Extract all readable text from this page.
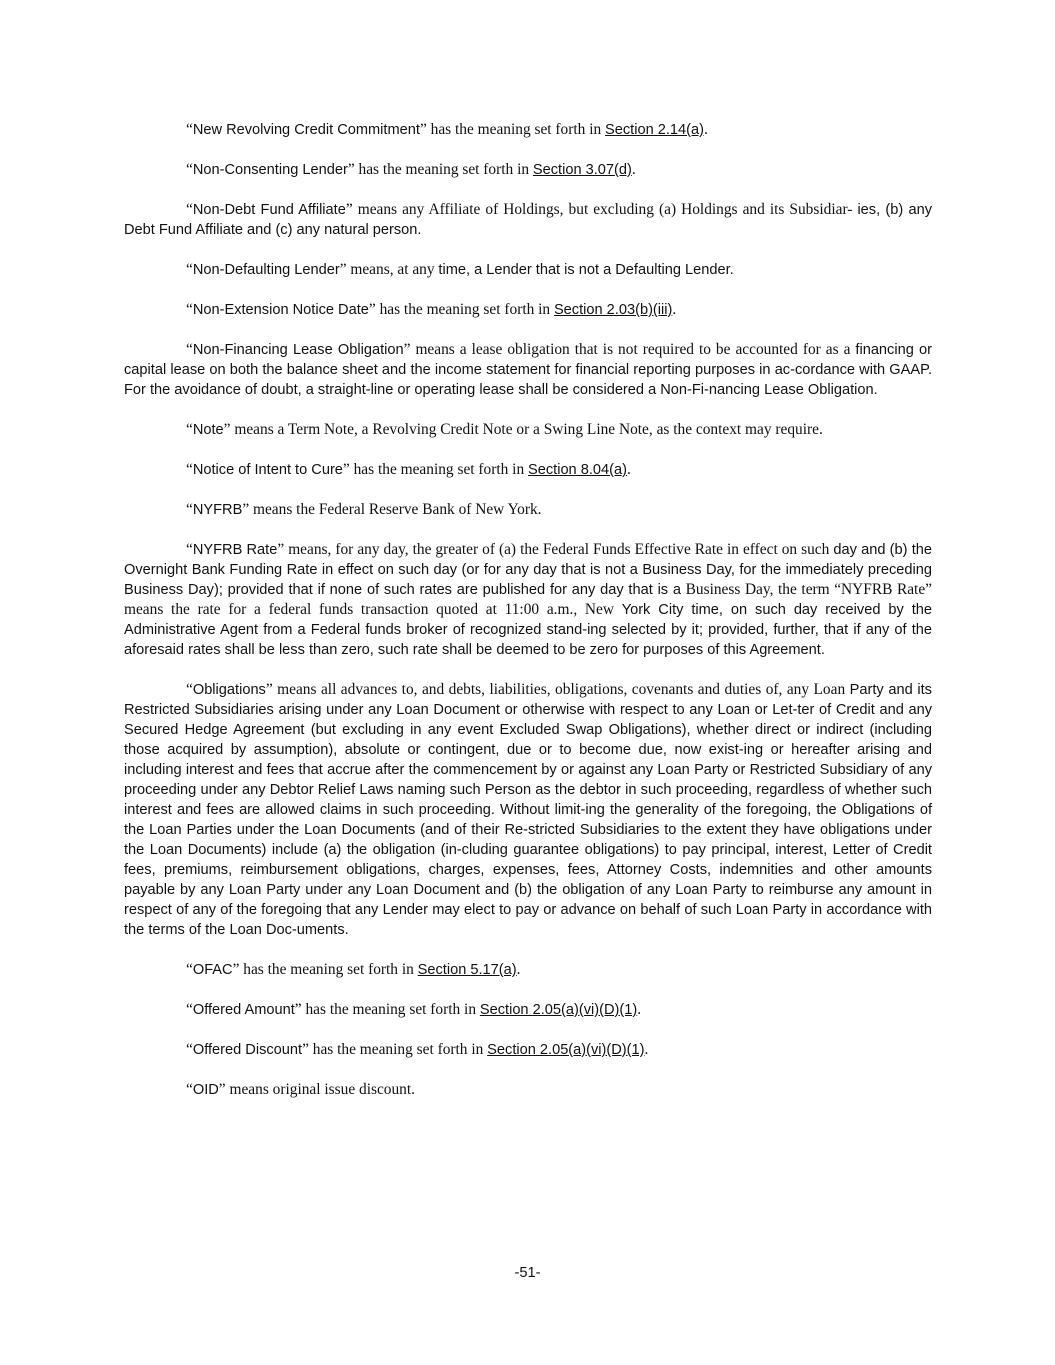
“New Revolving Credit Commitment” has the meaning set forth in Section 2.14(a).

“Non-Consenting Lender” has the meaning set forth in Section 3.07(d).

“Non-Debt Fund Affiliate” means any Affiliate of Holdings, but excluding (a) Holdings and its Subsidiar- ies, (b) any Debt Fund Affiliate and (c) any natural person.

“Non-Defaulting Lender” means, at any time, a Lender that is not a Defaulting Lender.

“Non-Extension Notice Date” has the meaning set forth in Section 2.03(b)(iii).

“Non-Financing Lease Obligation” means a lease obligation that is not required to be accounted for as a financing or capital lease on both the balance sheet and the income statement for financial reporting purposes in ac-cordance with GAAP. For the avoidance of doubt, a straight-line or operating lease shall be considered a Non-Fi-nancing Lease Obligation.

“Note” means a Term Note, a Revolving Credit Note or a Swing Line Note, as the context may require.

“Notice of Intent to Cure” has the meaning set forth in Section 8.04(a).

“NYFRB” means the Federal Reserve Bank of New York.

“NYFRB Rate” means, for any day, the greater of (a) the Federal Funds Effective Rate in effect on such day and (b) the Overnight Bank Funding Rate in effect on such day (or for any day that is not a Business Day, for the immediately preceding Business Day); provided that if none of such rates are published for any day that is a Business Day, the term “NYFRB Rate” means the rate for a federal funds transaction quoted at 11:00 a.m., New York City time, on such day received by the Administrative Agent from a Federal funds broker of recognized stand-ing selected by it; provided, further, that if any of the aforesaid rates shall be less than zero, such rate shall be deemed to be zero for purposes of this Agreement.

“Obligations” means all advances to, and debts, liabilities, obligations, covenants and duties of, any Loan Party and its Restricted Subsidiaries arising under any Loan Document or otherwise with respect to any Loan or Let-ter of Credit and any Secured Hedge Agreement (but excluding in any event Excluded Swap Obligations), whether direct or indirect (including those acquired by assumption), absolute or contingent, due or to become due, now exist-ing or hereafter arising and including interest and fees that accrue after the commencement by or against any Loan Party or Restricted Subsidiary of any proceeding under any Debtor Relief Laws naming such Person as the debtor in such proceeding, regardless of whether such interest and fees are allowed claims in such proceeding. Without limit-ing the generality of the foregoing, the Obligations of the Loan Parties under the Loan Documents (and of their Re-stricted Subsidiaries to the extent they have obligations under the Loan Documents) include (a) the obligation (in-cluding guarantee obligations) to pay principal, interest, Letter of Credit fees, premiums, reimbursement obligations, charges, expenses, fees, Attorney Costs, indemnities and other amounts payable by any Loan Party under any Loan Document and (b) the obligation of any Loan Party to reimburse any amount in respect of any of the foregoing that any Lender may elect to pay or advance on behalf of such Loan Party in accordance with the terms of the Loan Doc-uments.

“OFAC” has the meaning set forth in Section 5.17(a).

“Offered Amount” has the meaning set forth in Section 2.05(a)(vi)(D)(1).

“Offered Discount” has the meaning set forth in Section 2.05(a)(vi)(D)(1).

“OID” means original issue discount.

-51-
